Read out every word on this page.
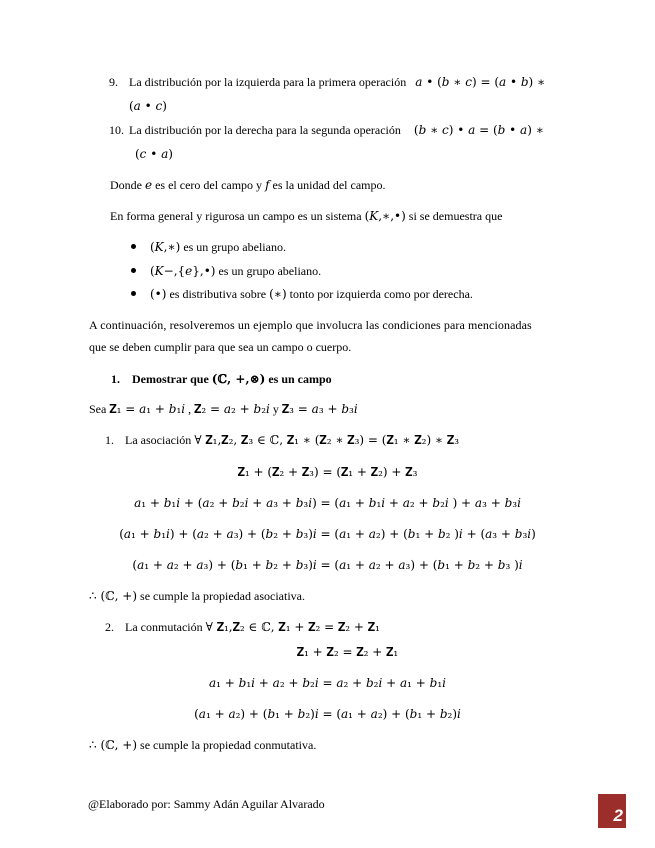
9. La distribución por la izquierda para la primera operación 𝑎 • (𝑏 ∗ 𝑐) = (𝑎 • 𝑏) ∗
(𝑎 • 𝑐)
10. La distribución por la derecha para la segunda operación (𝑏 ∗ 𝑐) • 𝑎 = (𝑏 • 𝑎) ∗
(𝑐 • 𝑎)
Donde 𝑒 es el cero del campo y 𝑓 es la unidad del campo.
En forma general y rigurosa un campo es un sistema (𝐾,∗,•) si se demuestra que
(𝐾,∗) es un grupo abeliano.
(𝐾−,{𝑒},•) es un grupo abeliano.
(•) es distributiva sobre (∗) tonto por izquierda como por derecha.
A continuación, resolveremos un ejemplo que involucra las condiciones para mencionadas
que se deben cumplir para que sea un campo o cuerpo.
1. Demostrar que (ℂ, +,⊗) es un campo
Sea 𝐙₁ = 𝑎₁ + 𝑏₁𝑖 , 𝐙₂ = 𝑎₂ + 𝑏₂𝑖 y 𝐙₃ = 𝑎₃ + 𝑏₃𝑖
1. La asociación ∀ 𝐙₁,𝐙₂, 𝐙₃ ∈ ℂ, 𝐙₁ ∗ (𝐙₂ ∗ 𝐙₃) = (𝐙₁ ∗ 𝐙₂) ∗ 𝐙₃
𝐙₁ + (𝐙₂ + 𝐙₃) = (𝐙₁ + 𝐙₂) + 𝐙₃
𝑎₁ + 𝑏₁𝑖 + (𝑎₂ + 𝑏₂𝑖 + 𝑎₃ + 𝑏₃𝑖) = (𝑎₁ + 𝑏₁𝑖 + 𝑎₂ + 𝑏₂𝑖 ) + 𝑎₃ + 𝑏₃𝑖
(𝑎₁ + 𝑏₁𝑖) + (𝑎₂ + 𝑎₃) + (𝑏₂ + 𝑏₃)𝑖 = (𝑎₁ + 𝑎₂) + (𝑏₁ + 𝑏₂ )𝑖 + (𝑎₃ + 𝑏₃𝑖)
(𝑎₁ + 𝑎₂ + 𝑎₃) + (𝑏₁ + 𝑏₂ + 𝑏₃)𝑖 = (𝑎₁ + 𝑎₂ + 𝑎₃) + (𝑏₁ + 𝑏₂ + 𝑏₃ )𝑖
∴ (ℂ, +) se cumple la propiedad asociativa.
2. La conmutación ∀ 𝐙₁,𝐙₂ ∈ ℂ, 𝐙₁ + 𝐙₂ = 𝐙₂ + 𝐙₁
𝐙₁ + 𝐙₂ = 𝐙₂ + 𝐙₁
𝑎₁ + 𝑏₁𝑖 + 𝑎₂ + 𝑏₂𝑖 = 𝑎₂ + 𝑏₂𝑖 + 𝑎₁ + 𝑏₁𝑖
(𝑎₁ + 𝑎₂) + (𝑏₁ + 𝑏₂)𝑖 = (𝑎₁ + 𝑎₂) + (𝑏₁ + 𝑏₂)𝑖
∴ (ℂ, +) se cumple la propiedad conmutativa.
@Elaborado por: Sammy Adán Aguilar Alvarado
2
